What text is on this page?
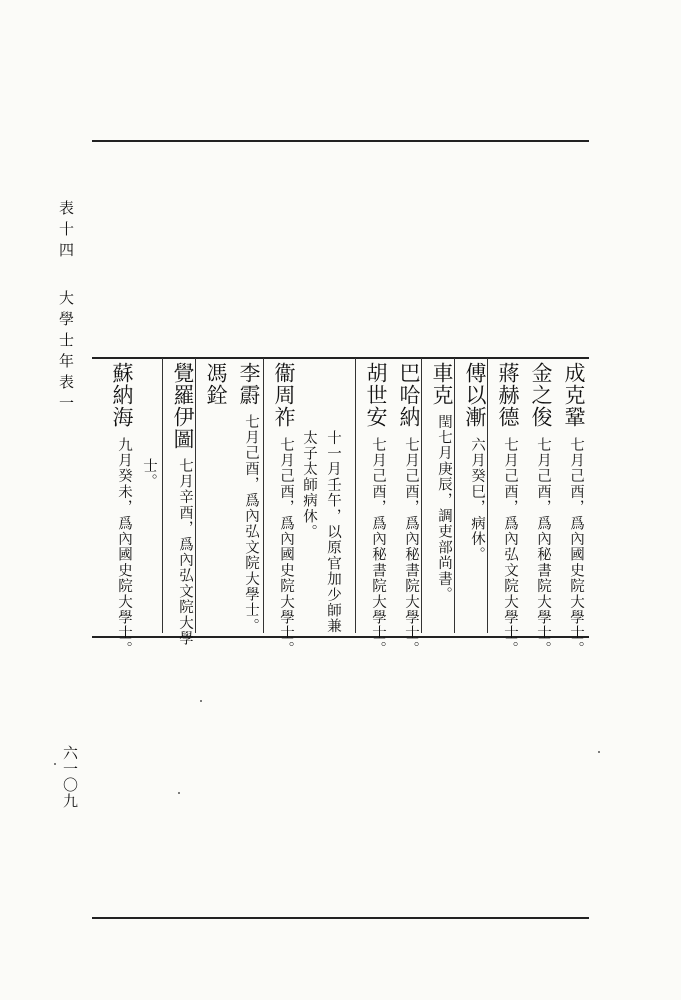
表十四
大學士年表一
六一〇九
成克鞏
七月己酉，爲內國史院大學士。
金之俊
七月己酉，爲內秘書院大學士。
蔣赫德
七月己酉，爲內弘文院大學士。
傅以漸
六月癸巳，病休。
車克
閏七月庚辰，調吏部尚書。
巴哈納
七月己酉，爲內秘書院大學士。
胡世安
七月己酉，爲內秘書院大學士。
十一月壬午，以原官加少師兼
太子太師病休。
衞周祚
七月己酉，爲內國史院大學士。
李霨
七月己酉，爲內弘文院大學士。
馮銓
覺羅伊圖
七月辛酉，爲內弘文院大學
士。
蘇納海
九月癸未，爲內國史院大學士。
